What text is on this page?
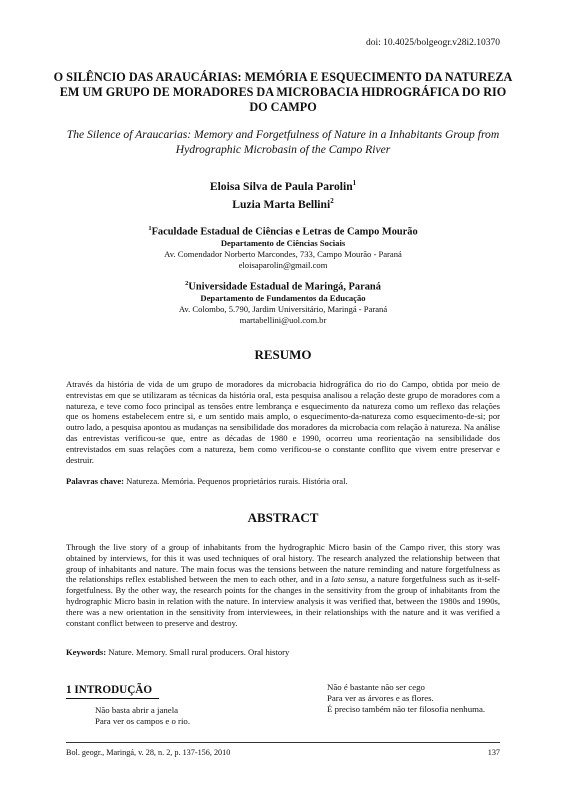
doi: 10.4025/bolgeogr.v28i2.10370
O SILÊNCIO DAS ARAUCÁRIAS: MEMÓRIA E ESQUECIMENTO DA NATUREZA EM UM GRUPO DE MORADORES DA MICROBACIA HIDROGRÁFICA DO RIO DO CAMPO
The Silence of Araucarias: Memory and Forgetfulness of Nature in a Inhabitants Group from Hydrographic Microbasin of the Campo River
Eloisa Silva de Paula Parolin$^1$
Luzia Marta Bellini$^2$
$^1$Faculdade Estadual de Ciências e Letras de Campo Mourão
Departamento de Ciências Sociais
Av. Comendador Norberto Marcondes, 733, Campo Mourão - Paraná
eloisaparolin@gmail.com
$^2$Universidade Estadual de Maringá, Paraná
Departamento de Fundamentos da Educação
Av. Colombo, 5.790, Jardim Universitário, Maringá - Paraná
martabellini@uol.com.br
RESUMO

Através da história de vida de um grupo de moradores da microbacia hidrográfica do rio do Campo, obtida por meio de entrevistas em que se utilizaram as técnicas da história oral, esta pesquisa analisou a relação deste grupo de moradores com a natureza, e teve como foco principal as tensões entre lembrança e esquecimento da natureza como um reflexo das relações que os homens estabelecem entre si, e um sentido mais amplo, o esquecimento-da-natureza como esquecimento-de-si; por outro lado, a pesquisa apontou as mudanças na sensibilidade dos moradores da microbacia com relação à natureza. Na análise das entrevistas verificou-se que, entre as décadas de 1980 e 1990, ocorreu uma reorientação na sensibilidade dos entrevistados em suas relações com a natureza, bem como verificou-se o constante conflito que vivem entre preservar e destruir.

Palavras chave: Natureza. Memória. Pequenos proprietários rurais. História oral.

ABSTRACT

Through the live story of a group of inhabitants from the hydrographic Micro basin of the Campo river, this story was obtained by interviews, for this it was used techniques of oral history. The research analyzed the relationship between that group of inhabitants and nature. The main focus was the tensions between the nature reminding and nature forgetfulness as the relationships reflex established between the men to each other, and in a lato sensu, a nature forgetfulness such as it-self-forgetfulness. By the other way, the research points for the changes in the sensitivity from the group of inhabitants from the hydrographic Micro basin in relation with the nature. In interview analysis it was verified that, between the 1980s and 1990s, there was a new orientation in the sensitivity from interviewees, in their relationships with the nature and it was verified a constant conflict between to preserve and destroy.

Keywords: Nature. Memory. Small rural producers. Oral history

1 INTRODUÇÃO
Não basta abrir a janela
Para ver os campos e o rio.
Não é bastante não ser cego
Para ver as árvores e as flores.
É preciso também não ter filosofia nenhuma.
Bol. geogr., Maringá, v. 28, n. 2, p. 137-156, 2010	137
